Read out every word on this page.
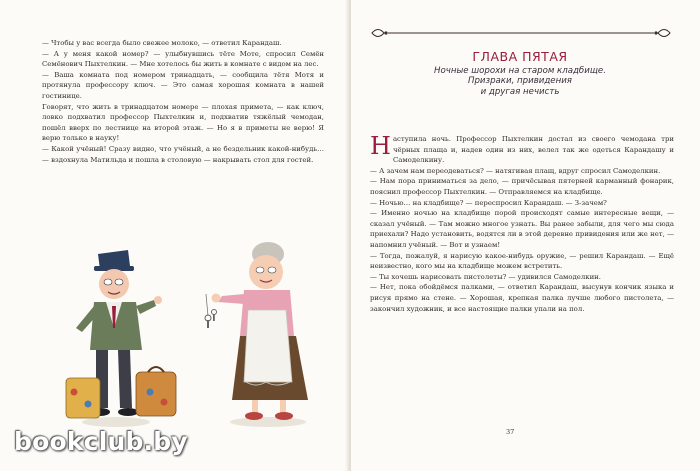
— Чтобы у вас всегда было свежее молоко, — ответил Карандаш.

— А у меня какой номер? — улыбнувшись тёте Моте, спросил Семён Семёнович Пыхтелкин. — Мне хотелось бы жить в комнате с видом на лес.

— Ваша комната под номером тринадцать, — сообщила тётя Мотя и протянула профессору ключ. — Это самая хорошая комната в нашей гостинице.

Говорят, что жить в тринадцатом номере — плохая примета, — как ключ, ловко подхватил профессор Пыхтелкин и, подхватив тяжёлый чемодан, пошёл вверх по лестнице на второй этаж. — Но я в приметы не верю! Я верю только в науку!

— Какой учёный! Сразу видно, что учёный, а не бездельник какой-нибудь… — вздохнула Матильда и пошла в столовую — накрывать стол для гостей.

ГЛАВА ПЯТАЯ
Ночные шорохи на старом кладбище.
Призраки, привидения
и другая нечисть

Наступила ночь. Профессор Пыхтелкин достал из своего чемодана три чёрных плаща и, надев один из них, велел так же одеться Карандашу и Самоделкину.

— А зачем нам переодеваться? — натягивая плащ, вдруг спросил Самоделкин.

— Нам пора приниматься за дело, — причёсывая пятерней карманный фонарик, пояснил профессор Пыхтелкин. — Отправляемся на кладбище.

— Ночью… на кладбище? — переспросил Карандаш. — З-зачем?

— Именно ночью на кладбище порой происходят самые интересные вещи, — сказал учёный. — Там можно многое узнать. Вы ранее забыли, для чего мы сюда приехали? Надо установить, водятся ли в этой деревне привидения или же нет, — напомнил учёный. — Вот и узнаем!

— Тогда, пожалуй, я нарисую какое-нибудь оружие, — решил Карандаш. — Ещё неизвестно, кого мы на кладбище можем встретить.

— Ты хочешь нарисовать пистолеты? — удивился Самоделкин.

— Нет, пока обойдёмся палками, — ответил Карандаш, высунув кончик языка и рисуя прямо на стене. — Хорошая, крепкая палка лучше любого пистолета, — закончил художник, и все настоящие палки упали на пол.

37
bookclub.by
